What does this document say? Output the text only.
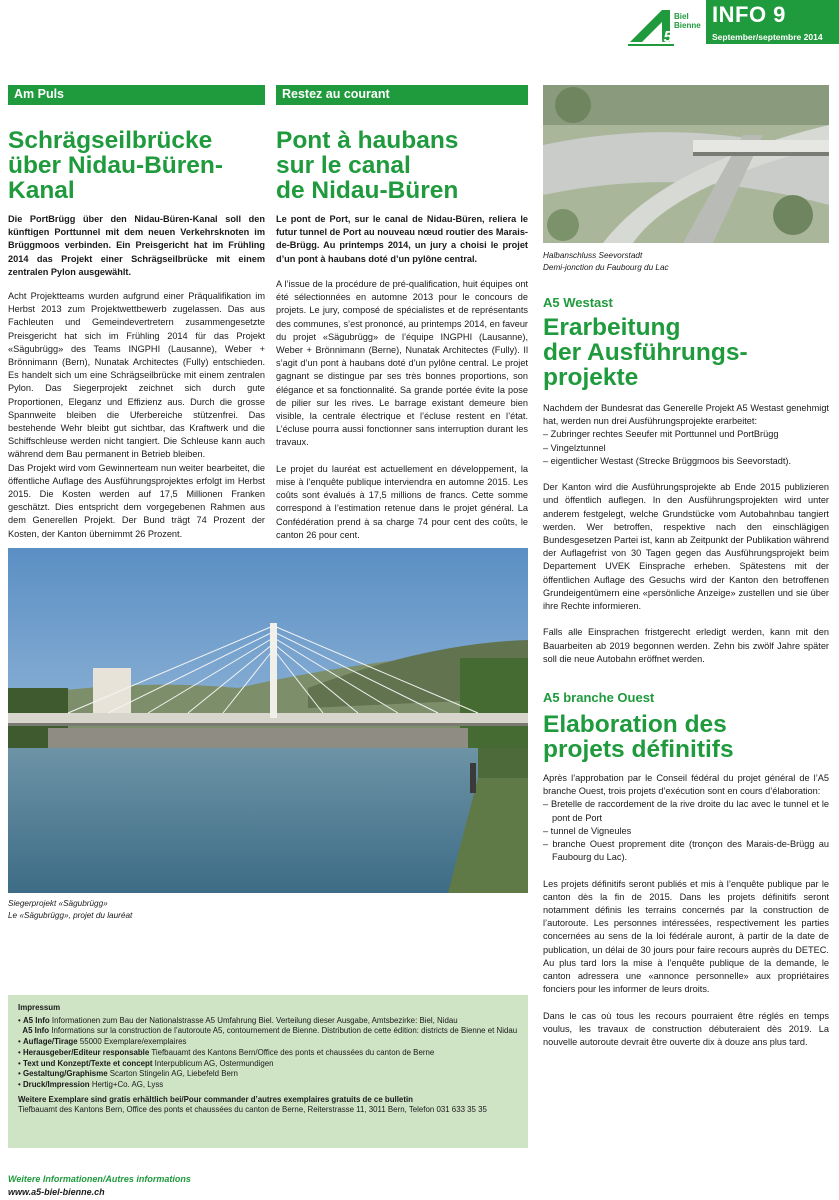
A5
Biel
Bienne INFO 9
September/septembre 2014
Am Puls
Schrägseilbrücke
über Nidau-Büren-
Kanal
Die PortBrügg über den Nidau-Büren-Kanal soll den künftigen Porttunnel mit dem neuen Verkehrsknoten im Brüggmoos verbinden. Ein Preisgericht hat im Frühling 2014 das Projekt einer Schrägseilbrücke mit einem zentralen Pylon ausgewählt.

Acht Projektteams wurden aufgrund einer Präqualifikation im Herbst 2013 zum Projektwettbewerb zugelassen. Das aus Fachleuten und Gemeindevertretern zusammengesetzte Preisgericht hat sich im Frühling 2014 für das Projekt «Sägubrügg» des Teams INGPHI (Lausanne), Weber + Brönnimann (Bern), Nunatak Architectes (Fully) entschieden. Es handelt sich um eine Schrägseilbrücke mit einem zentralen Pylon. Das Siegerprojekt zeichnet sich durch gute Proportionen, Eleganz und Effizienz aus. Durch die grosse Spannweite bleiben die Uferbereiche stützenfrei. Das bestehende Wehr bleibt gut sichtbar, das Kraftwerk und die Schiffschleuse werden nicht tangiert. Die Schleuse kann auch während dem Bau permanent in Betrieb bleiben.

Das Projekt wird vom Gewinnerteam nun weiter bearbeitet, die öffentliche Auflage des Ausführungsprojektes erfolgt im Herbst 2015. Die Kosten werden auf 17,5 Millionen Franken geschätzt. Dies entspricht dem vorgegebenen Rahmen aus dem Generellen Projekt. Der Bund trägt 74 Prozent der Kosten, der Kanton übernimmt 26 Prozent.

Restez au courant
Pont à haubans
sur le canal
de Nidau-Büren
Le pont de Port, sur le canal de Nidau-Büren, reliera le futur tunnel de Port au nouveau nœud routier des Marais-de-Brügg. Au printemps 2014, un jury a choisi le projet d’un pont à haubans doté d’un pylône central.

A l’issue de la procédure de pré-qualification, huit équipes ont été sélectionnées en automne 2013 pour le concours de projets. Le jury, composé de spécialistes et de représentants des communes, s’est prononcé, au printemps 2014, en faveur du projet «Sägubrügg» de l’équipe INGPHI (Lausanne), Weber + Brönnimann (Berne), Nunatak Architectes (Fully). Il s’agit d’un pont à haubans doté d’un pylône central. Le projet gagnant se distingue par ses très bonnes proportions, son élégance et sa fonctionnalité. Sa grande portée évite la pose de pilier sur les rives. Le barrage existant demeure bien visible, la centrale électrique et l’écluse restent en l’état. L’écluse pourra aussi fonctionner sans interruption durant les travaux.

Le projet du lauréat est actuellement en développement, la mise à l’enquête publique interviendra en automne 2015. Les coûts sont évalués à 17,5 millions de francs. Cette somme correspond à l’estimation retenue dans le projet général. La Confédération prend à sa charge 74 pour cent des coûts, le canton 26 pour cent.

Halbanschluss Seevorstadt
Demi-jonction du Faubourg du Lac
A5 Westast
Erarbeitung
der Ausführungs-
projekte

Nachdem der Bundesrat das Generelle Projekt A5 Westast genehmigt hat, werden nun drei Ausführungsprojekte erarbeitet:

– Zubringer rechtes Seeufer mit Porttunnel und PortBrügg
– Vingelztunnel
– eigentlicher Westast (Strecke Brüggmoos bis Seevorstadt).

Der Kanton wird die Ausführungsprojekte ab Ende 2015 publizieren und öffentlich auflegen. In den Ausführungsprojekten wird unter anderem festgelegt, welche Grundstücke vom Autobahnbau tangiert werden. Wer betroffen, respektive nach den einschlägigen Bundesgesetzen Partei ist, kann ab Zeitpunkt der Publikation während der Auflagefrist von 30 Tagen gegen das Ausführungsprojekt beim Departement UVEK Einsprache erheben. Spätestens mit der öffentlichen Auflage des Gesuchs wird der Kanton den betroffenen Grundeigentümern eine «persönliche Anzeige» zustellen und sie über ihre Rechte informieren.

Falls alle Einsprachen fristgerecht erledigt werden, kann mit den Bauarbeiten ab 2019 begonnen werden. Zehn bis zwölf Jahre später soll die neue Autobahn eröffnet werden.

A5 branche Ouest
Elaboration des
projets définitifs

Après l’approbation par le Conseil fédéral du projet général de l’A5 branche Ouest, trois projets d’exécution sont en cours d’élaboration:

– Bretelle de raccordement de la rive droite du lac avec le tunnel et le pont de Port
– tunnel de Vigneules
– branche Ouest proprement dite (tronçon des Marais-de-Brügg au Faubourg du Lac).

Les projets définitifs seront publiés et mis à l’enquête publique par le canton dès la fin de 2015. Dans les projets définitifs seront notamment définis les terrains concernés par la construction de l’autoroute. Les personnes intéressées, respectivement les parties concernées au sens de la loi fédérale auront, à partir de la date de publication, un délai de 30 jours pour faire recours auprès du DETEC. Au plus tard lors la mise à l’enquête publique de la demande, le canton adressera une «annonce personnelle» aux propriétaires fonciers pour les informer de leurs droits.

Dans le cas où tous les recours pourraient être réglés en temps voulus, les travaux de construction débuteraient dès 2019. La nouvelle autoroute devrait être ouverte dix à douze ans plus tard.

Siegerprojekt «Sägubrügg»
Le «Sägubrügg», projet du lauréat
Impressum
• A5 Info Informationen zum Bau der Nationalstrasse A5 Umfahrung Biel. Verteilung dieser Ausgabe, Amtsbezirke: Biel, Nidau
A5 Info Informations sur la construction de l’autoroute A5, contournement de Bienne. Distribution de cette édition: districts de Bienne et Nidau
• Auflage/Tirage 55000 Exemplare/exemplaires
• Herausgeber/Editeur responsable Tiefbauamt des Kantons Bern/Office des ponts et chaussées du canton de Berne
• Text und Konzept/Texte et concept Interpublicum AG, Ostermundigen
• Gestaltung/Graphisme Scarton Stingelin AG, Liebefeld Bern
• Druck/Impression Hertig+Co. AG, Lyss
Weitere Exemplare sind gratis erhältlich bei/Pour commander d’autres exemplaires gratuits de ce bulletin
Tiefbauamt des Kantons Bern, Office des ponts et chaussées du canton de Berne, Reiterstrasse 11, 3011 Bern, Telefon 031 633 35 35
Weitere Informationen/Autres informations
www.a5-biel-bienne.ch
